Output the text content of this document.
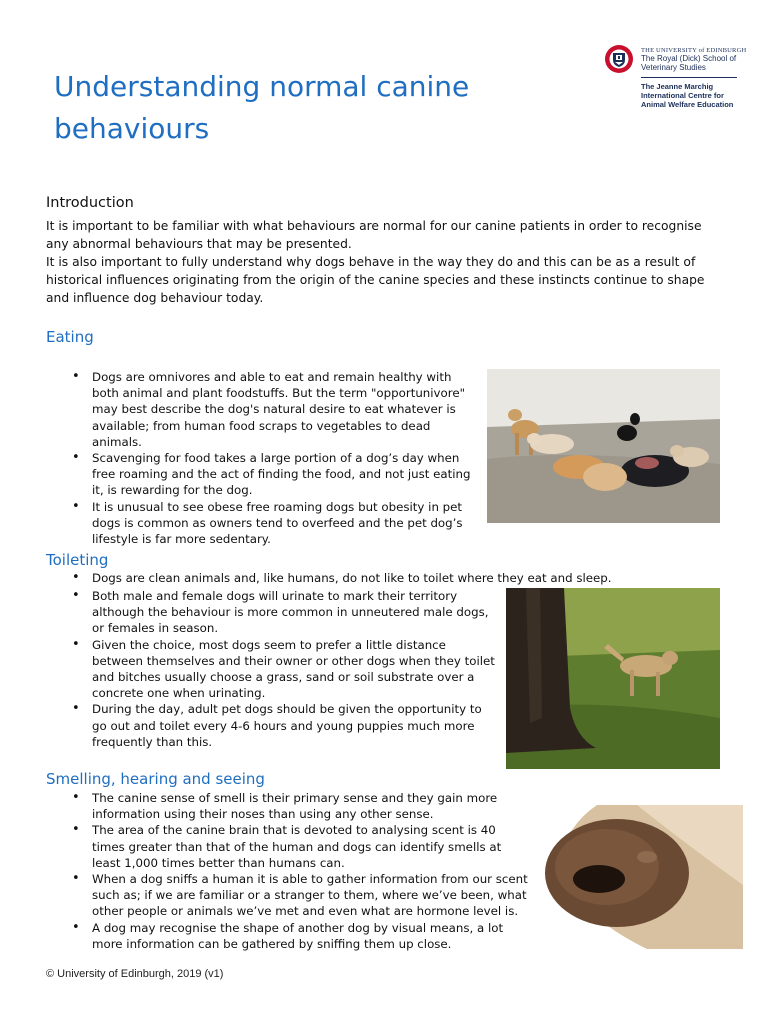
Understanding normal canine behaviours
THE UNIVERSITY of EDINBURGH
The Royal (Dick) School of Veterinary Studies
The Jeanne Marchig International Centre for Animal Welfare Education
Introduction
It is important to be familiar with what behaviours are normal for our canine patients in order to recognise any abnormal behaviours that may be presented.
It is also important to fully understand why dogs behave in the way they do and this can be as a result of historical influences originating from the origin of the canine species and these instincts continue to shape and influence dog behaviour today.
Eating
• Dogs are omnivores and able to eat and remain healthy with both animal and plant foodstuffs. But the term "opportunivore" may best describe the dog's natural desire to eat whatever is available; from human food scraps to vegetables to dead animals.
• Scavenging for food takes a large portion of a dog’s day when free roaming and the act of finding the food, and not just eating it, is rewarding for the dog.
• It is unusual to see obese free roaming dogs but obesity in pet dogs is common as owners tend to overfeed and the pet dog’s lifestyle is far more sedentary.
Toileting
• Dogs are clean animals and, like humans, do not like to toilet where they eat and sleep.
• Both male and female dogs will urinate to mark their territory although the behaviour is more common in unneutered male dogs, or females in season.
• Given the choice, most dogs seem to prefer a little distance between themselves and their owner or other dogs when they toilet and bitches usually choose a grass, sand or soil substrate over a concrete one when urinating.
• During the day, adult pet dogs should be given the opportunity to go out and toilet every 4-6 hours and young puppies much more frequently than this.
Smelling, hearing and seeing
• The canine sense of smell is their primary sense and they gain more information using their noses than using any other sense.
• The area of the canine brain that is devoted to analysing scent is 40 times greater than that of the human and dogs can identify smells at least 1,000 times better than humans can.
• When a dog sniffs a human it is able to gather information from our scent such as; if we are familiar or a stranger to them, where we’ve been, what other people or animals we’ve met and even what are hormone level is.
• A dog may recognise the shape of another dog by visual means, a lot more information can be gathered by sniffing them up close.
© University of Edinburgh, 2019 (v1)
